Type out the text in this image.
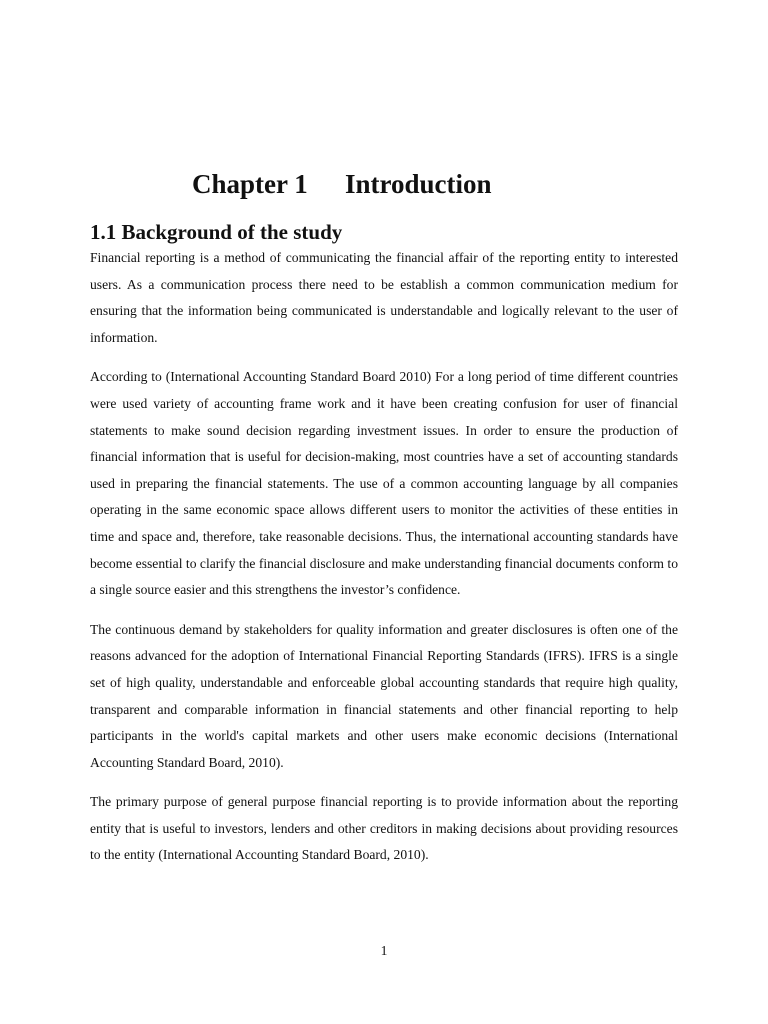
Chapter 1 Introduction
1.1 Background of the study

Financial reporting is a method of communicating the financial affair of the reporting entity to interested users. As a communication process there need to be establish a common communication medium for ensuring that the information being communicated is understandable and logically relevant to the user of information.

According to (International Accounting Standard Board 2010) For a long period of time different countries were used variety of accounting frame work and it have been creating confusion for user of financial statements to make sound decision regarding investment issues. In order to ensure the production of financial information that is useful for decision-making, most countries have a set of accounting standards used in preparing the financial statements. The use of a common accounting language by all companies operating in the same economic space allows different users to monitor the activities of these entities in time and space and, therefore, take reasonable decisions. Thus, the international accounting standards have become essential to clarify the financial disclosure and make understanding financial documents conform to a single source easier and this strengthens the investor’s confidence.

The continuous demand by stakeholders for quality information and greater disclosures is often one of the reasons advanced for the adoption of International Financial Reporting Standards (IFRS). IFRS is a single set of high quality, understandable and enforceable global accounting standards that require high quality, transparent and comparable information in financial statements and other financial reporting to help participants in the world's capital markets and other users make economic decisions (International Accounting Standard Board, 2010).

The primary purpose of general purpose financial reporting is to provide information about the reporting entity that is useful to investors, lenders and other creditors in making decisions about providing resources to the entity (International Accounting Standard Board, 2010).

1
